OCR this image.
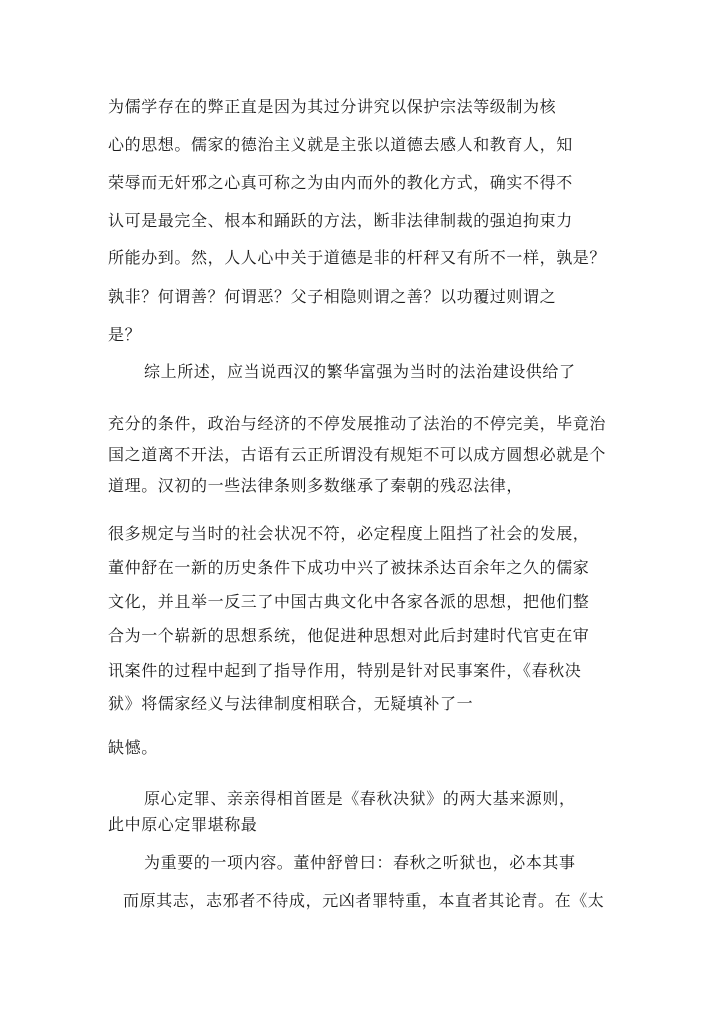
为儒学存在的弊正直是因为其过分讲究以保护宗法等级制为核
心的思想。儒家的德治主义就是主张以道德去感人和教育人，知
荣辱而无奸邪之心真可称之为由内而外的教化方式，确实不得不
认可是最完全、根本和踊跃的方法，断非法律制裁的强迫拘束力
所能办到。然，人人心中关于道德是非的杆秤又有所不一样，孰是？
孰非？何谓善？何谓恶？父子相隐则谓之善？以功覆过则谓之
是？
综上所述，应当说西汉的繁华富强为当时的法治建设供给了
充分的条件，政治与经济的不停发展推动了法治的不停完美，毕竟治
国之道离不开法，古语有云正所谓没有规矩不可以成方圆想必就是个
道理。汉初的一些法律条则多数继承了秦朝的残忍法律，
很多规定与当时的社会状况不符，必定程度上阻挡了社会的发展，
董仲舒在一新的历史条件下成功中兴了被抹杀达百余年之久的儒家
文化，并且举一反三了中国古典文化中各家各派的思想，把他们整
合为一个崭新的思想系统，他促进种思想对此后封建时代官吏在审
讯案件的过程中起到了指导作用，特别是针对民事案件，《春秋决
狱》将儒家经义与法律制度相联合，无疑填补了一
缺憾。
原心定罪、亲亲得相首匿是《春秋决狱》的两大基来源则，
此中原心定罪堪称最
为重要的一项内容。董仲舒曾曰：春秋之听狱也，必本其事
而原其志，志邪者不待成，元凶者罪特重，本直者其论青。在《太
